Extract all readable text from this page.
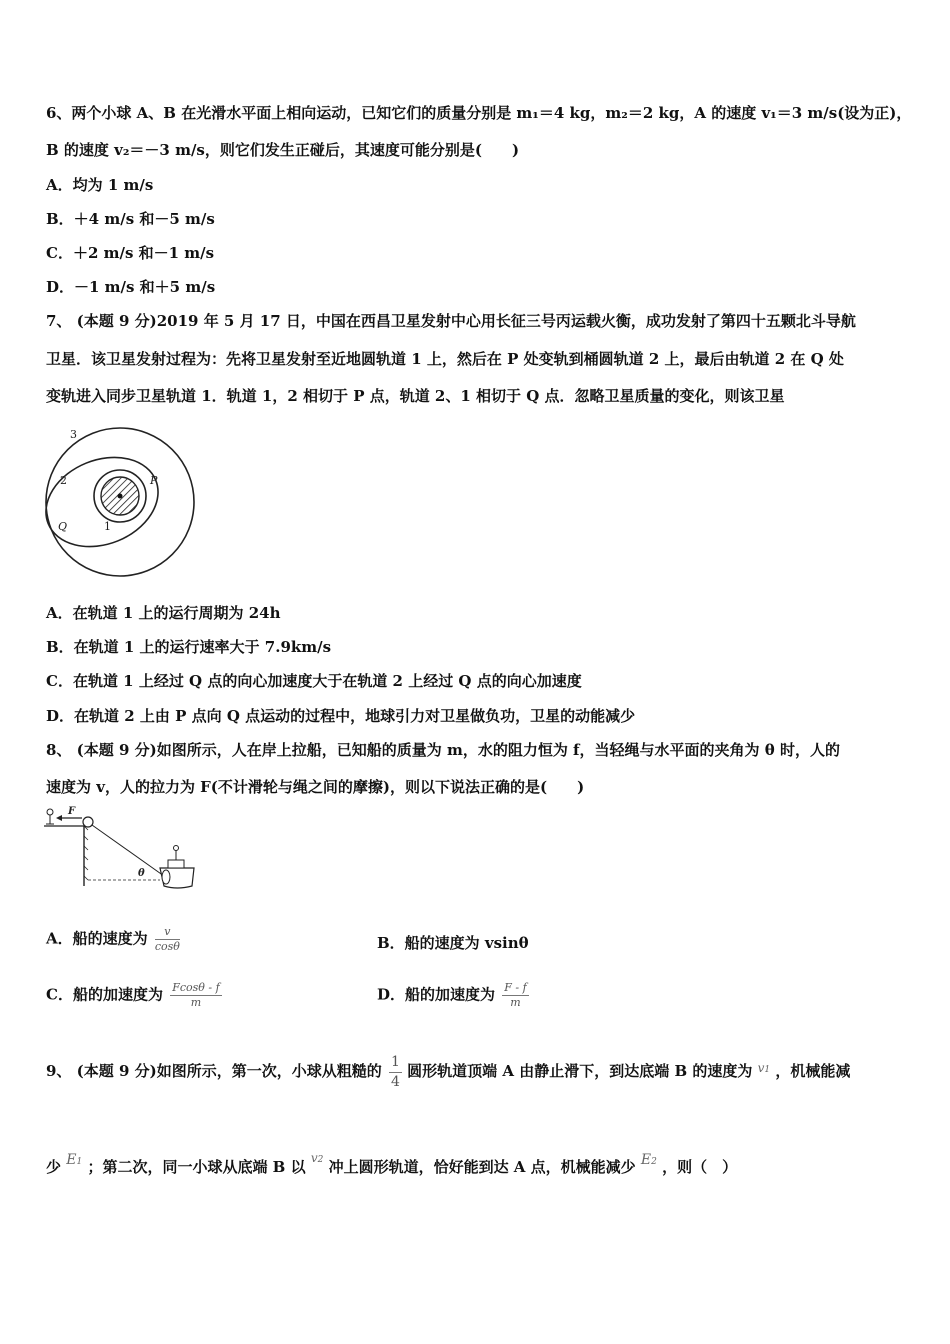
6、两个小球 A、B 在光滑水平面上相向运动，已知它们的质量分别是 m₁＝4 kg，m₂＝2 kg，A 的速度 v₁＝3 m/s(设为正)，
B 的速度 v₂＝－3 m/s，则它们发生正碰后，其速度可能分别是(　　)
A．均为 1 m/s
B．＋4 m/s 和－5 m/s
C．＋2 m/s 和－1 m/s
D．－1 m/s 和＋5 m/s
7、 (本题 9 分)2019 年 5 月 17 日，中国在西昌卫星发射中心用长征三号丙运载火衡，成功发射了第四十五颗北斗导航
卫星．该卫星发射过程为：先将卫星发射至近地圆轨道 1 上，然后在 P 处变轨到桶圆轨道 2 上，最后由轨道 2 在 Q 处
变轨进入同步卫星轨道 1．轨道 1，2 相切于 P 点，轨道 2、1 相切于 Q 点．忽略卫星质量的变化，则该卫星
3
2
1
P
Q
A．在轨道 1 上的运行周期为 24h
B．在轨道 1 上的运行速率大于 7.9km/s
C．在轨道 1 上经过 Q 点的向心加速度大于在轨道 2 上经过 Q 点的向心加速度
D．在轨道 2 上由 P 点向 Q 点运动的过程中，地球引力对卫星做负功，卫星的动能减少
8、 (本题 9 分)如图所示，人在岸上拉船，已知船的质量为 m，水的阻力恒为 f，当轻绳与水平面的夹角为 θ 时，人的
速度为 v，人的拉力为 F(不计滑轮与绳之间的摩擦)，则以下说法正确的是(　　)
F
θ
A．船的速度为 $\frac{v}{\cos\theta}$	B．船的速度为 vsinθ
C．船的加速度为 $\frac{Fcos\theta - f}{m}$	D．船的加速度为 $\frac{F - f}{m}$
9、 (本题 9 分)如图所示，第一次，小球从粗糙的 $\frac{1}{4}$ 圆形轨道顶端 A 由静止滑下，到达底端 B 的速度为 $^{v1}$ ，机械能减
少 E1 ；第二次，同一小球从底端 B 以 $^{v2}$ 冲上圆形轨道，恰好能到达 A 点，机械能减少 E2 ，则（　）
